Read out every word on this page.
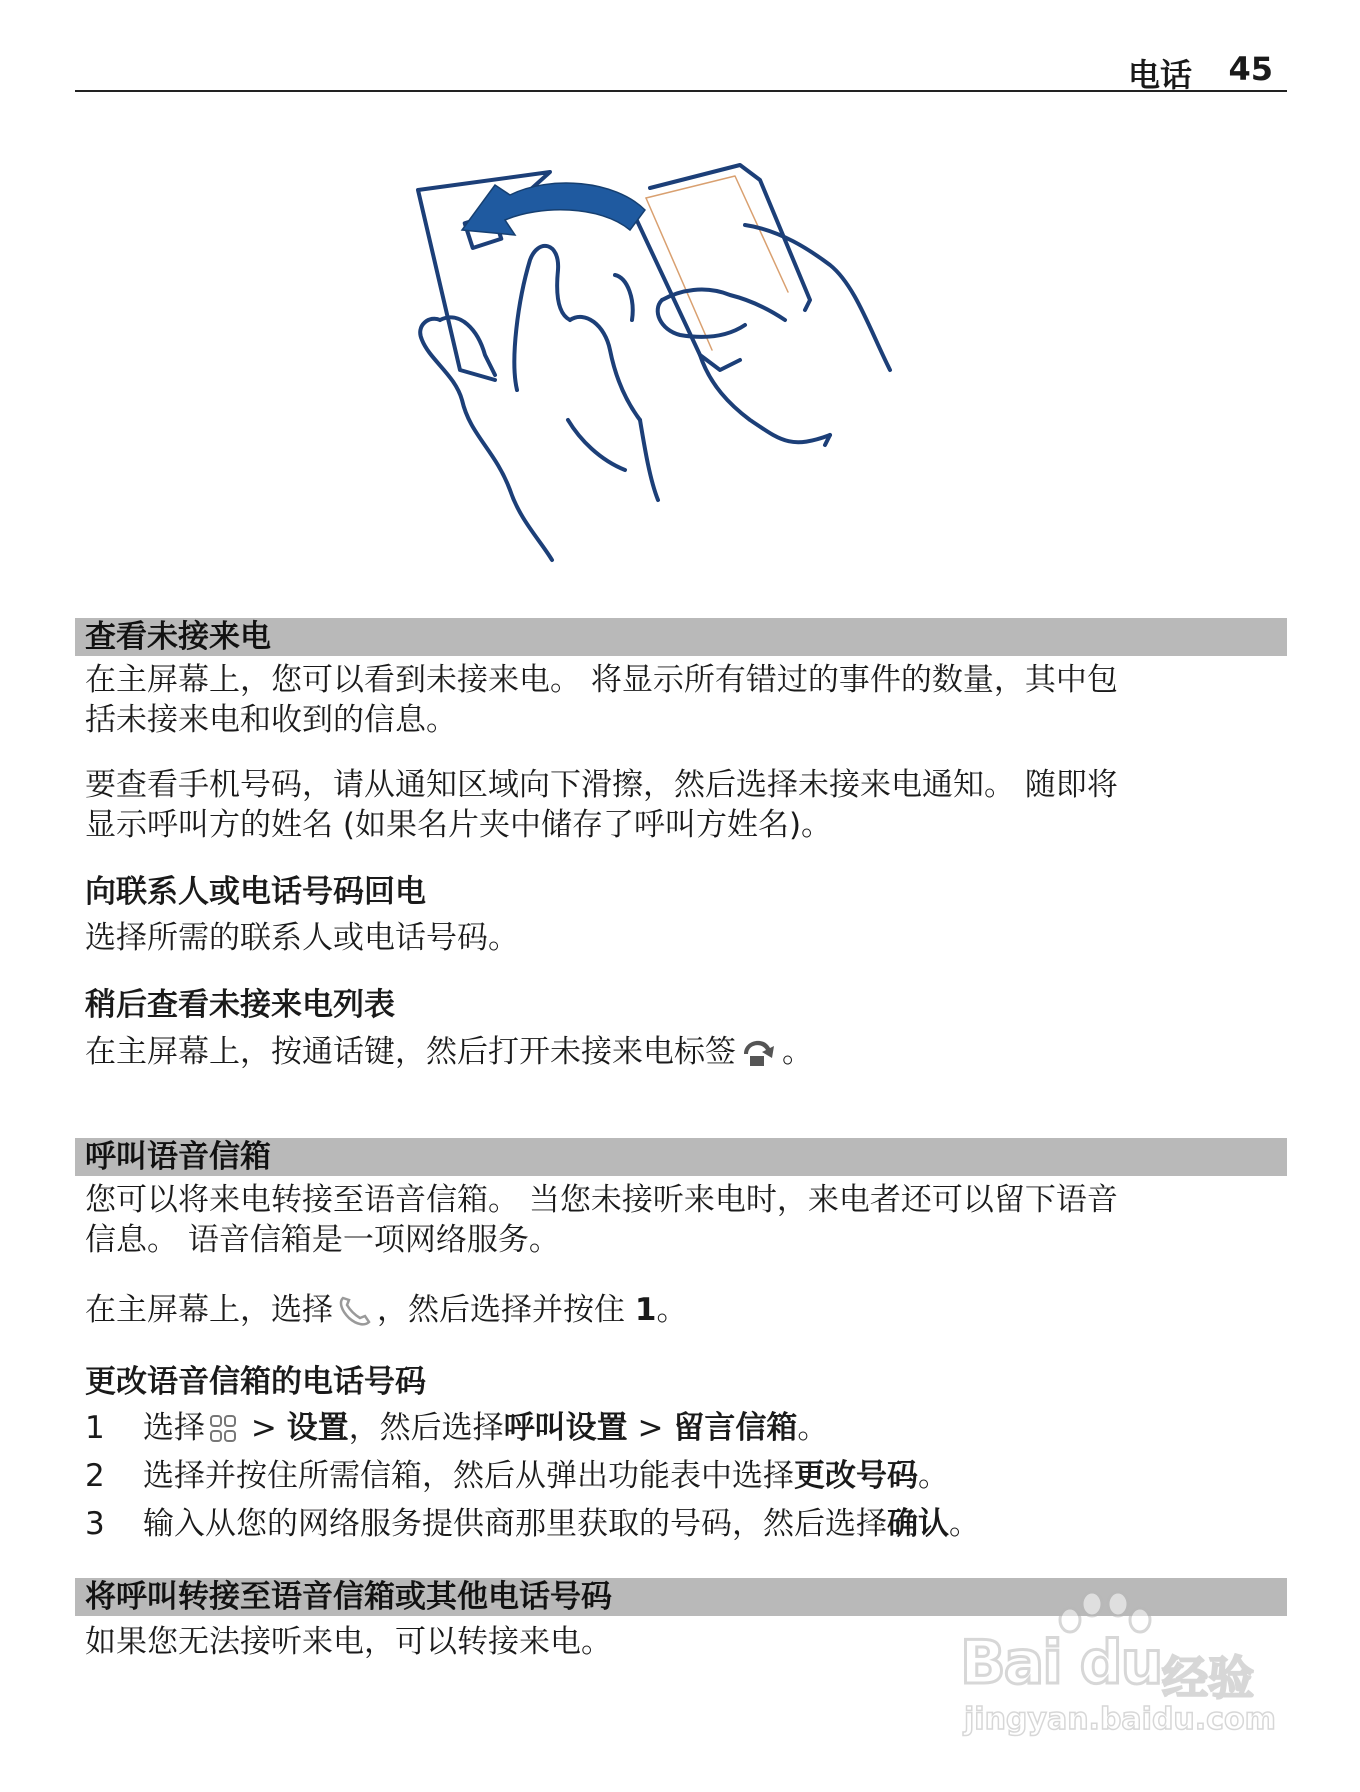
电话 45
查看未接来电
在主屏幕上，您可以看到未接来电。 将显示所有错过的事件的数量，其中包
括未接来电和收到的信息。
要查看手机号码，请从通知区域向下滑擦，然后选择未接来电通知。 随即将
显示呼叫方的姓名 (如果名片夹中储存了呼叫方姓名)。
向联系人或电话号码回电
选择所需的联系人或电话号码。
稍后查看未接来电列表
在主屏幕上，按通话键，然后打开未接来电标签 。
呼叫语音信箱
您可以将来电转接至语音信箱。 当您未接听来电时，来电者还可以留下语音
信息。 语音信箱是一项网络服务。
在主屏幕上，选择 ，然后选择并按住 1。
更改语音信箱的电话号码
1 选择 > 设置，然后选择呼叫设置 > 留言信箱。
2 选择并按住所需信箱，然后从弹出功能表中选择更改号码。
3 输入从您的网络服务提供商那里获取的号码，然后选择确认。
将呼叫转接至语音信箱或其他电话号码
如果您无法接听来电，可以转接来电。	Bai du 经验
jingyan.baidu.com
